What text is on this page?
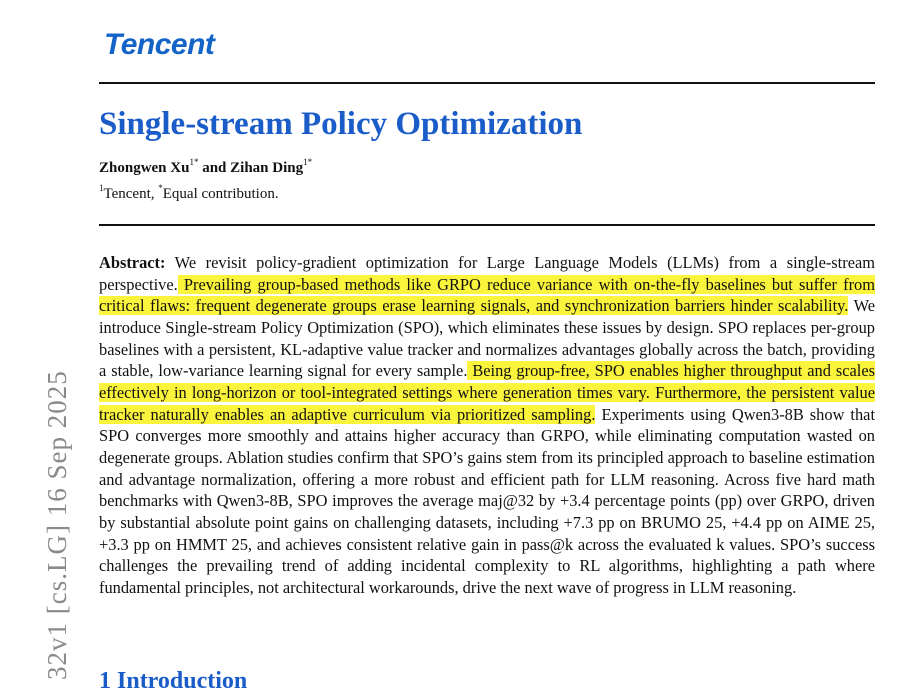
Tencent
Single-stream Policy Optimization
Zhongwen $Xu^{1*}$ and Zihan Ding$^{1*}$
$^1$Tencent, *Equal contribution.

Abstract: We revisit policy-gradient optimization for Large Language Models (LLMs) from a single-stream perspective. Prevailing group-based methods like GRPO reduce variance with on-the-fly baselines but suffer from critical flaws: frequent degenerate groups erase learning signals, and synchronization barriers hinder scalability. We introduce Single-stream Policy Optimization (SPO), which eliminates these issues by design. SPO replaces per-group baselines with a persistent, KL-adaptive value tracker and normalizes advantages globally across the batch, providing a stable, low-variance learning signal for every sample. Being group-free, SPO enables higher throughput and scales effectively in long-horizon or tool-integrated settings where generation times vary. Furthermore, the persistent value tracker naturally enables an adaptive curriculum via prioritized sampling. Experiments using Qwen3-8B show that SPO converges more smoothly and attains higher accuracy than GRPO, while eliminating computation wasted on degenerate groups. Ablation studies confirm that SPO’s gains stem from its principled approach to baseline estimation and advantage normalization, offering a more robust and efficient path for LLM reasoning. Across five hard math benchmarks with Qwen3-8B, SPO improves the average maj@32 by +3.4 percentage points (pp) over GRPO, driven by substantial absolute point gains on challenging datasets, including +7.3 pp on BRUMO 25, +4.4 pp on AIME 25, +3.3 pp on HMMT 25, and achieves consistent relative gain in pass@k across the evaluated k values. SPO’s success challenges the prevailing trend of adding incidental complexity to RL algorithms, highlighting a path where fundamental principles, not architectural workarounds, drive the next wave of progress in LLM reasoning.

32v1 [cs.LG] 16 Sep 2025
1 Introduction
